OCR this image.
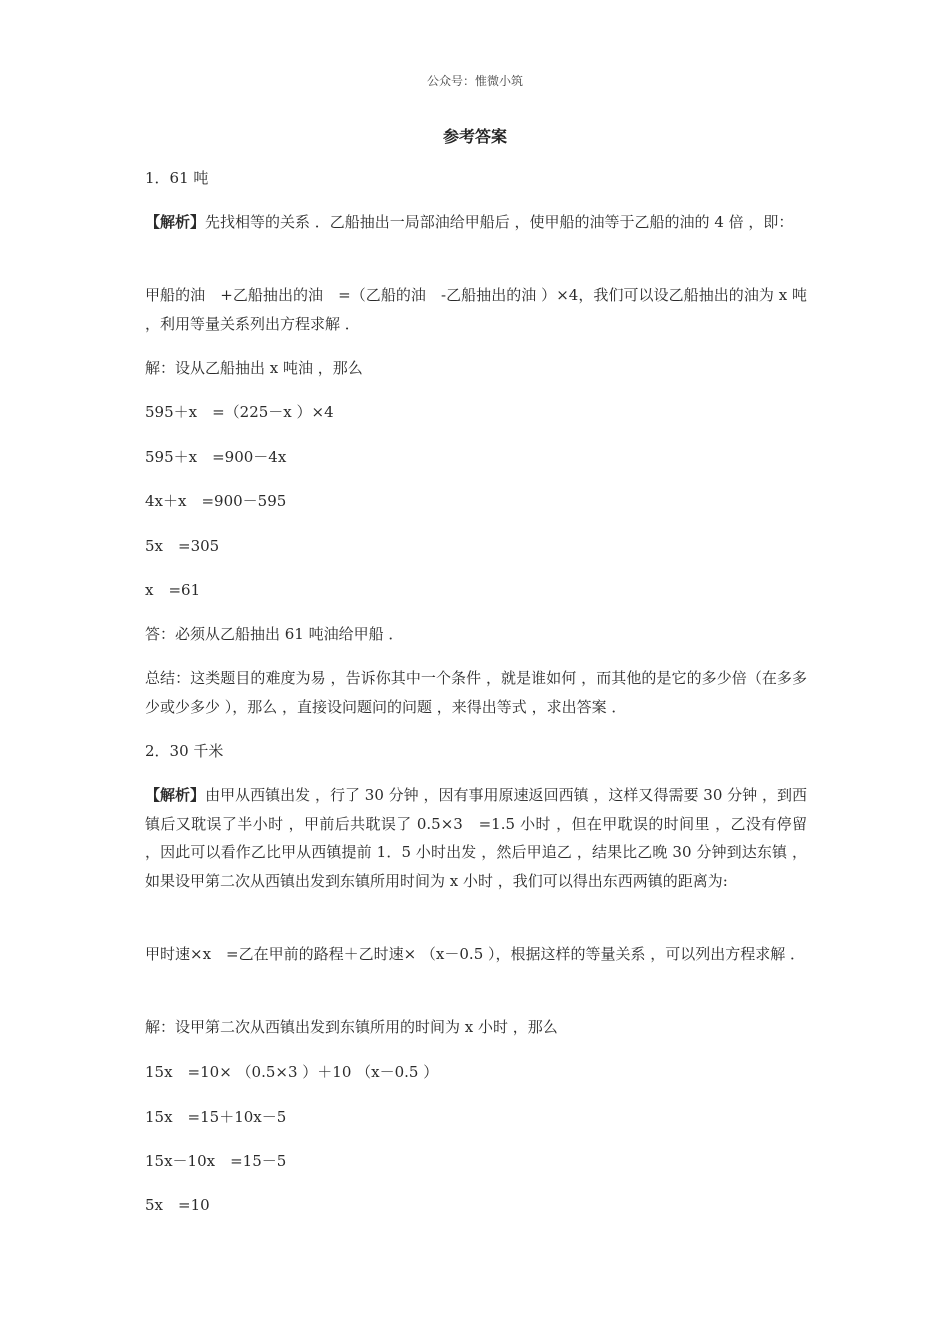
公众号：惟微小筑
参考答案
1．61 吨
【解析】先找相等的关系 ．乙船抽出一局部油给甲船后 ，使甲船的油等于乙船的油的 4 倍 ，即：
甲船的油　+乙船抽出的油　=（乙船的油　-乙船抽出的油 ）×4，我们可以设乙船抽出的油为 x 吨 ，利用等量关系列出方程求解 ．
解：设从乙船抽出 x 吨油 ，那么
595＋x　=（225－x ）×4
595＋x　=900－4x
4x＋x　=900－595
5x　=305
x　=61
答：必须从乙船抽出 61 吨油给甲船 ．
总结：这类题目的难度为易 ，告诉你其中一个条件 ，就是谁如何 ，而其他的是它的多少倍（在多多少或少多少 ），那么 ，直接设问题问的问题 ，来得出等式 ，求出答案 ．
2．30 千米
【解析】由甲从西镇出发 ，行了 30 分钟 ，因有事用原速返回西镇 ，这样又得需要 30 分钟 ，到西镇后又耽误了半小时 ，甲前后共耽误了 0.5×3　=1.5 小时 ，但在甲耽误的时间里 ，乙没有停留 ，因此可以看作乙比甲从西镇提前 1．5 小时出发 ，然后甲追乙 ，结果比乙晚 30 分钟到达东镇 ，如果设甲第二次从西镇出发到东镇所用时间为 x 小时 ，我们可以得出东西两镇的距离为:
甲时速×x　=乙在甲前的路程＋乙时速× （x－0.5 ），根据这样的等量关系 ，可以列出方程求解 ．
解：设甲第二次从西镇出发到东镇所用的时间为 x 小时 ，那么
15x　=10× （0.5×3 ）＋10 （x－0.5 ）
15x　=15＋10x－5
15x－10x　=15－5
5x　=10
